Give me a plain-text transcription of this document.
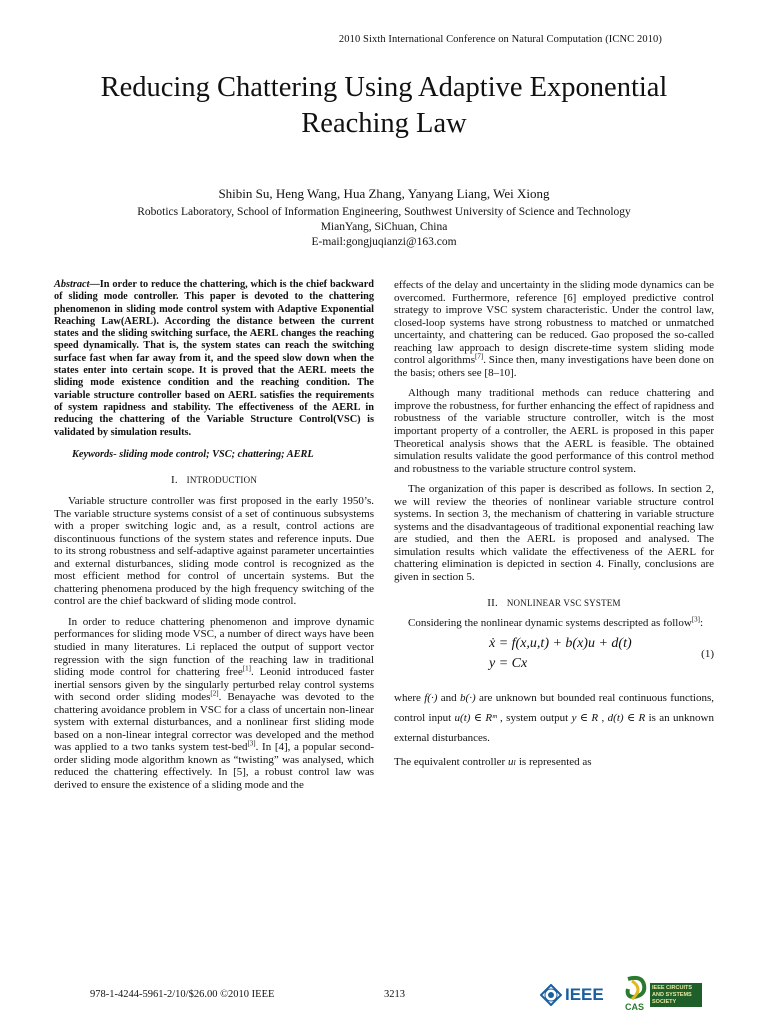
2010 Sixth International Conference on Natural Computation (ICNC 2010)
Reducing Chattering Using Adaptive Exponential
Reaching Law
Shibin Su, Heng Wang, Hua Zhang, Yanyang Liang, Wei Xiong
Robotics Laboratory, School of Information Engineering, Southwest University of Science and Technology
MianYang, SiChuan, China
E-mail:gongjuqianzi@163.com
Abstract—In order to reduce the chattering, which is the chief backward of sliding mode controller. This paper is devoted to the chattering phenomenon in sliding mode control system with Adaptive Exponential Reaching Law(AERL). According the distance between the current states and the sliding switching surface, the AERL changes the reaching speed dynamically. That is, the system states can reach the switching surface fast when far away from it, and the speed slow down when the states enter into certain scope. It is proved that the AERL meets the sliding mode existence condition and the reaching condition. The variable structure controller based on AERL satisfies the requirements of system rapidness and stability. The effectiveness of the AERL in reducing the chattering of the Variable Structure Control(VSC) is validated by simulation results.
Keywords- sliding mode control; VSC; chattering; AERL
I. INTRODUCTION

Variable structure controller was first proposed in the early 1950’s. The variable structure systems consist of a set of continuous subsystems with a proper switching logic and, as a result, control actions are discontinuous functions of the system states and reference inputs. Due to its strong robustness and self-adaptive against parameter uncertainties and external disturbances, sliding mode control is recognized as the most efficient method for control of uncertain systems. But the chattering phenomena produced by the high frequency switching of the control are the chief backward of sliding mode control.

In order to reduce chattering phenomenon and improve dynamic performances for sliding mode VSC, a number of direct ways have been studied in many literatures. Li replaced the output of support vector regression with the sign function of the reaching law in traditional sliding mode control for chattering free[1]. Leonid introduced faster inertial sensors given by the singularly perturbed relay control systems with second order sliding modes[2]. Benayache was devoted to the chattering avoidance problem in VSC for a class of uncertain non-linear system with external disturbances, and a nonlinear first sliding mode based on a non-linear integral corrector was developed and the method was applied to a two tanks system test-bed[3]. In [4], a popular second-order sliding mode algorithm known as “twisting” was analysed, which reduced the chattering effectively. In [5], a robust control law was derived to ensure the existence of a sliding mode and the

effects of the delay and uncertainty in the sliding mode dynamics can be overcomed. Furthermore, reference [6] employed predictive control strategy to improve VSC system characteristic. Under the control law, closed-loop systems have strong robustness to matched or unmatched uncertainty, and chattering can be reduced. Gao proposed the so-called reaching law approach to design discrete-time system sliding mode control algorithms[7]. Since then, many investigations have been done on the basis; others see [8–10].

Although many traditional methods can reduce chattering and improve the robustness, for further enhancing the effect of rapidness and robustness of the variable structure controller, witch is the most important property of a controller, the AERL is proposed in this paper Theoretical analysis shows that the AERL is feasible. The obtained simulation results validate the good performance of this control method and robustness to the variable structure control system.

The organization of this paper is described as follows. In section 2, we will review the theories of nonlinear variable structure control systems. In section 3, the mechanism of chattering in variable structure systems and the disadvantageous of traditional exponential reaching law are studied, and then the AERL is proposed and analysed. The simulation results which validate the effectiveness of the AERL for chattering elimination is depicted in section 4. Finally, conclusions are given in section 5.

II. NONLINEAR VSC SYSTEM

Considering the nonlinear dynamic systems descripted as follow[3]:

ẋ = f(x,u,t) + b(x)u + d(t)
y = Cx
(1)

where f(·) and b(·) are unknown but bounded real continuous functions, control input u(t) ∈ Rᵐ , system output y ∈ R , d(t) ∈ R is an unknown external disturbances.

The equivalent controller uₗ is represented as

978-1-4244-5961-2/10/$26.00 ©2010 IEEE	3213	IEEE
CAS
IEEE CIRCUITS AND SYSTEMS SOCIETY
